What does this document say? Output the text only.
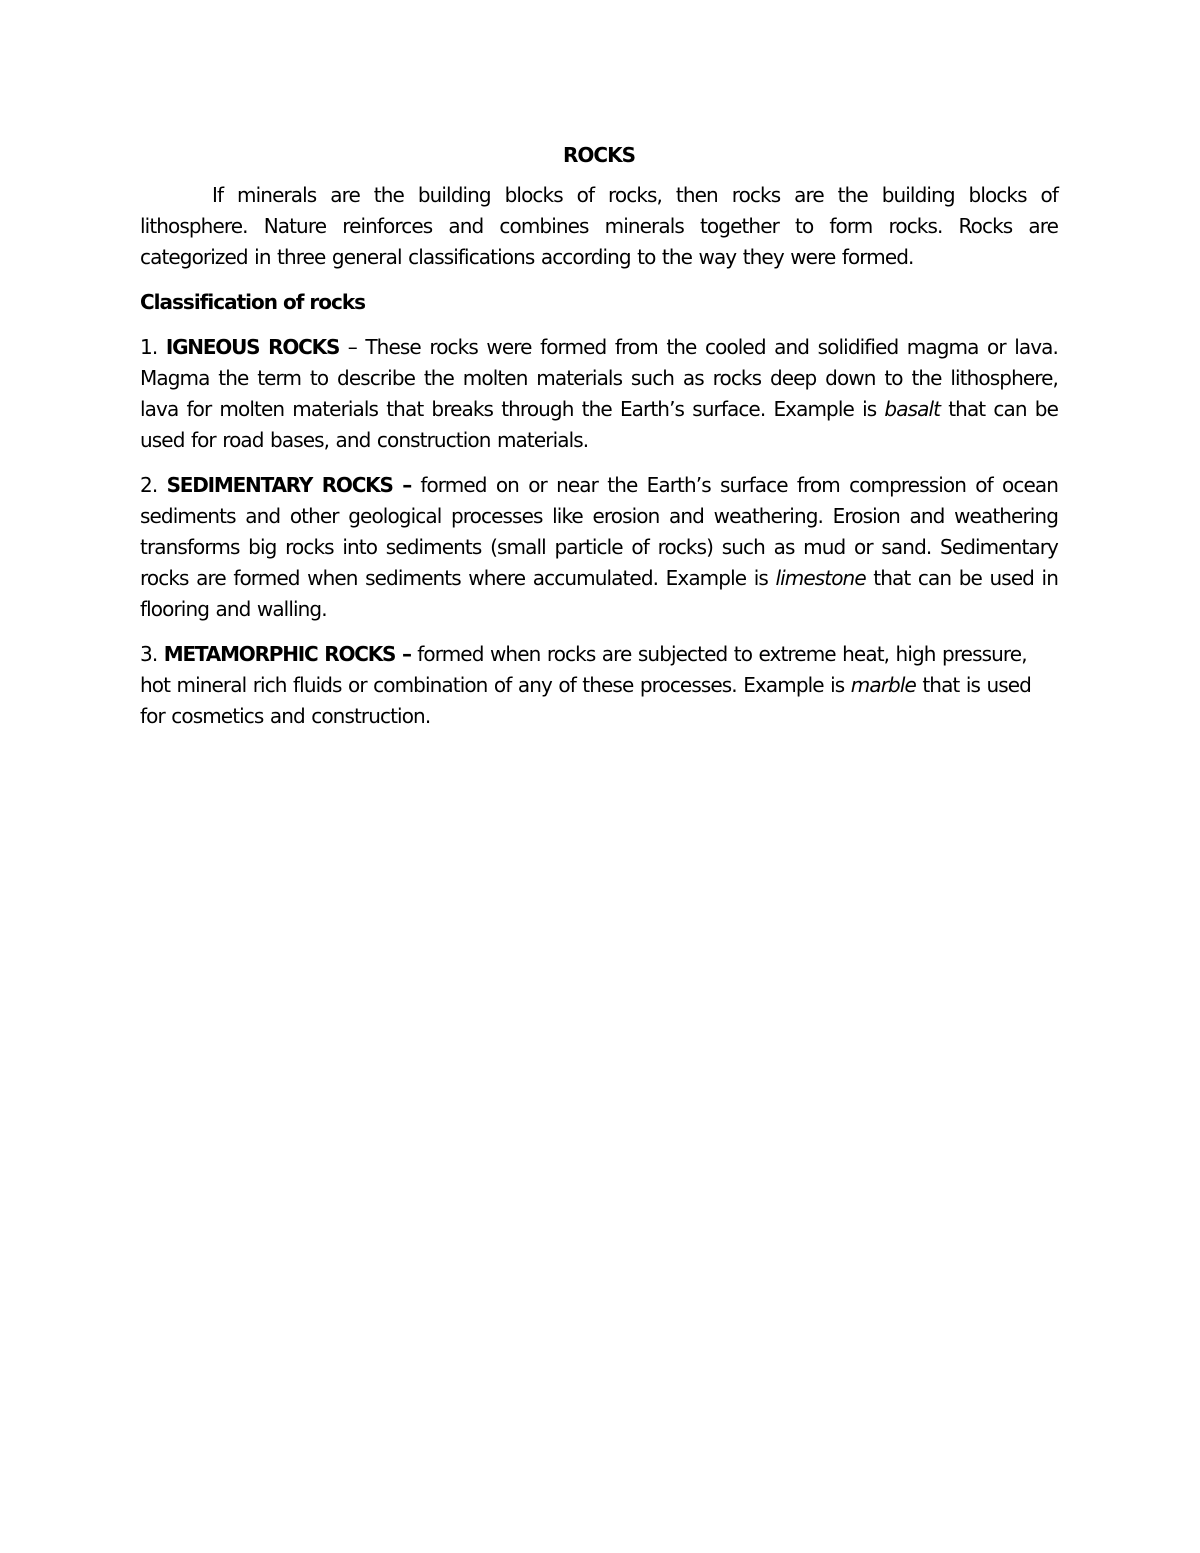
ROCKS

If minerals are the building blocks of rocks, then rocks are the building blocks of lithosphere. Nature reinforces and combines minerals together to form rocks. Rocks are categorized in three general classifications according to the way they were formed.

Classification of rocks

1. IGNEOUS ROCKS – These rocks were formed from the cooled and solidified magma or lava. Magma the term to describe the molten materials such as rocks deep down to the lithosphere, lava for molten materials that breaks through the Earth’s surface. Example is basalt that can be used for road bases, and construction materials.

2. SEDIMENTARY ROCKS – formed on or near the Earth’s surface from compression of ocean sediments and other geological processes like erosion and weathering. Erosion and weathering transforms big rocks into sediments (small particle of rocks) such as mud or sand. Sedimentary rocks are formed when sediments where accumulated. Example is limestone that can be used in flooring and walling.

3. METAMORPHIC ROCKS – formed when rocks are subjected to extreme heat, high pressure, hot mineral rich fluids or combination of any of these processes. Example is marble that is used for cosmetics and construction.
